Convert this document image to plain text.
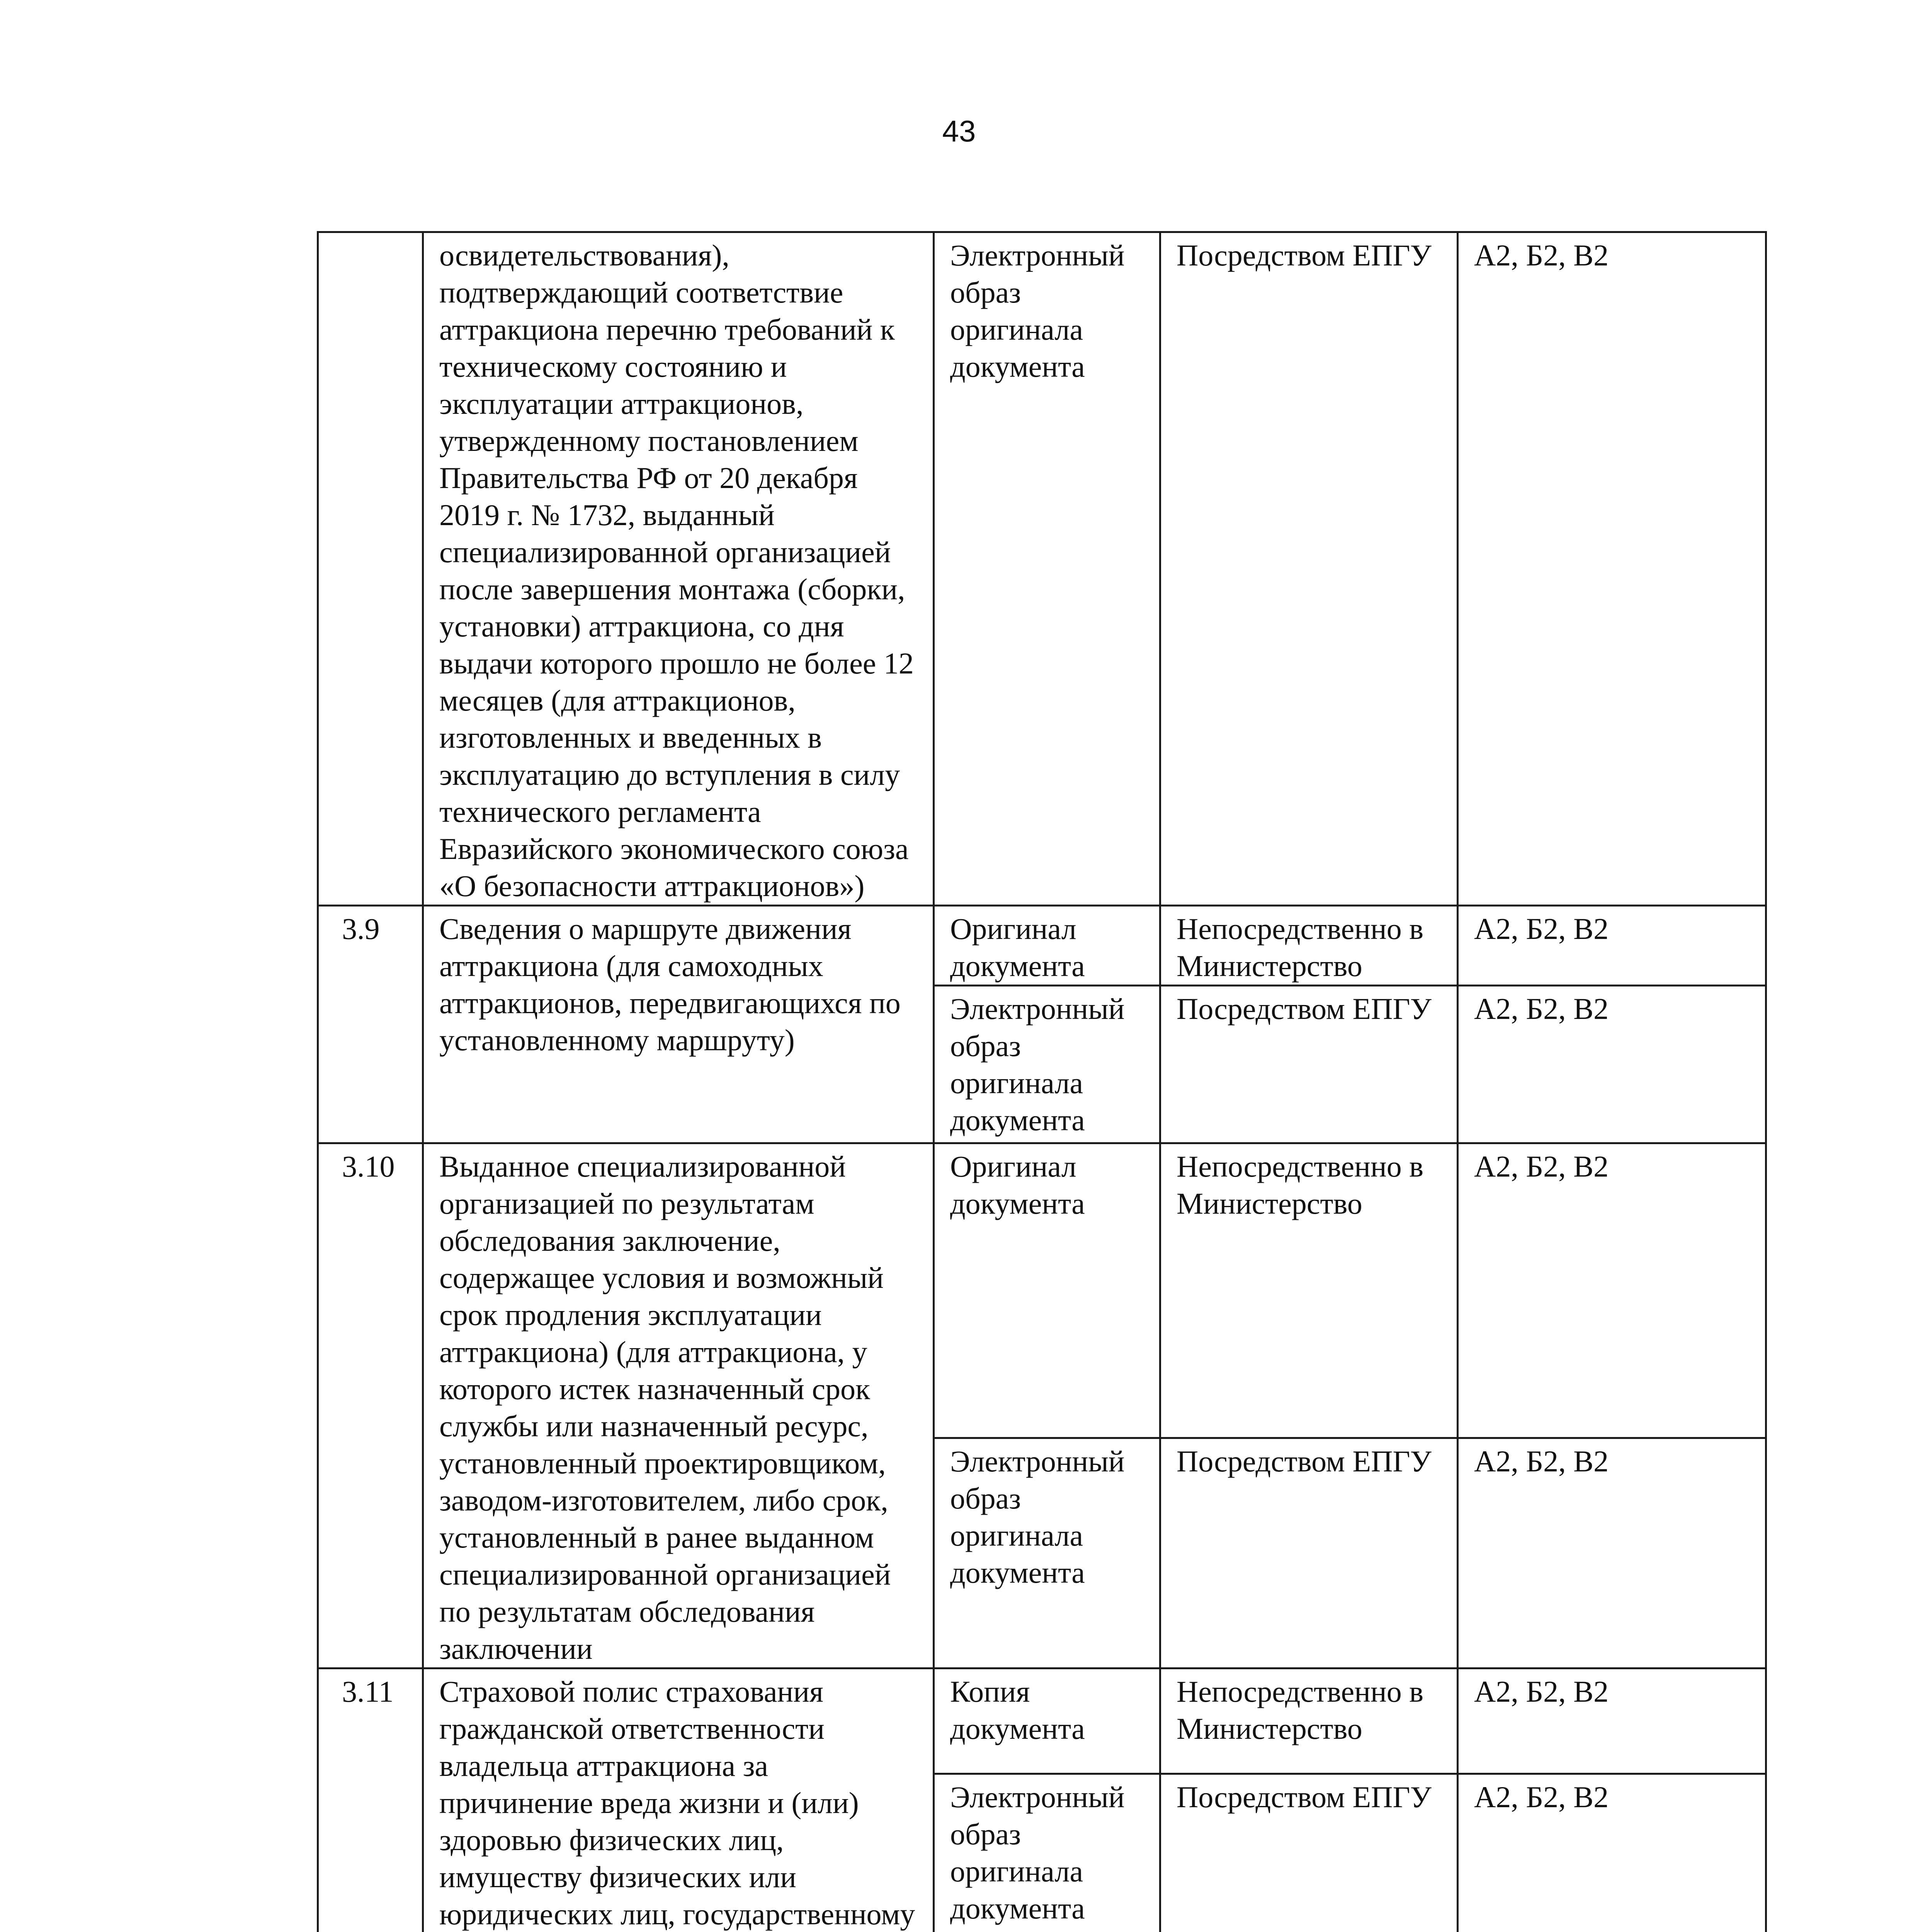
43
	освидетельствования), подтверждающий соответствие аттракциона перечню требований к техническому состоянию и эксплуатации аттракционов, утвержденному постановлением Правительства РФ от 20 декабря 2019 г. № 1732, выданный специализированной организацией после завершения монтажа (сборки, установки) аттракциона, со дня выдачи которого прошло не более 12 месяцев (для аттракционов, изготовленных и введенных в эксплуатацию до вступления в силу технического регламента Евразийского экономического союза «О безопасности аттракционов»)	Электронный образ оригинала документа	Посредством ЕПГУ	А2, Б2, В2
3.9	Сведения о маршруте движения аттракциона (для самоходных аттракционов, передвигающихся по установленному маршруту)	Оригинал документа	Непосредственно в Министерство	А2, Б2, В2
		Электронный образ оригинала документа	Посредством ЕПГУ	А2, Б2, В2
3.10	Выданное специализированной организацией по результатам обследования заключение, содержащее условия и возможный срок продления эксплуатации аттракциона) (для аттракциона, у которого истек назначенный срок службы или назначенный ресурс, установленный проектировщиком, заводом-изготовителем, либо срок, установленный в ранее выданном специализированной организацией по результатам обследования заключении	Оригинал документа	Непосредственно в Министерство	А2, Б2, В2
		Электронный образ оригинала документа	Посредством ЕПГУ	А2, Б2, В2
3.11	Страховой полис страхования гражданской ответственности владельца аттракциона за причинение вреда жизни и (или) здоровью физических лиц, имуществу физических или юридических лиц, государственному	Копия документа	Непосредственно в Министерство	А2, Б2, В2
		Электронный образ оригинала документа	Посредством ЕПГУ	А2, Б2, В2
